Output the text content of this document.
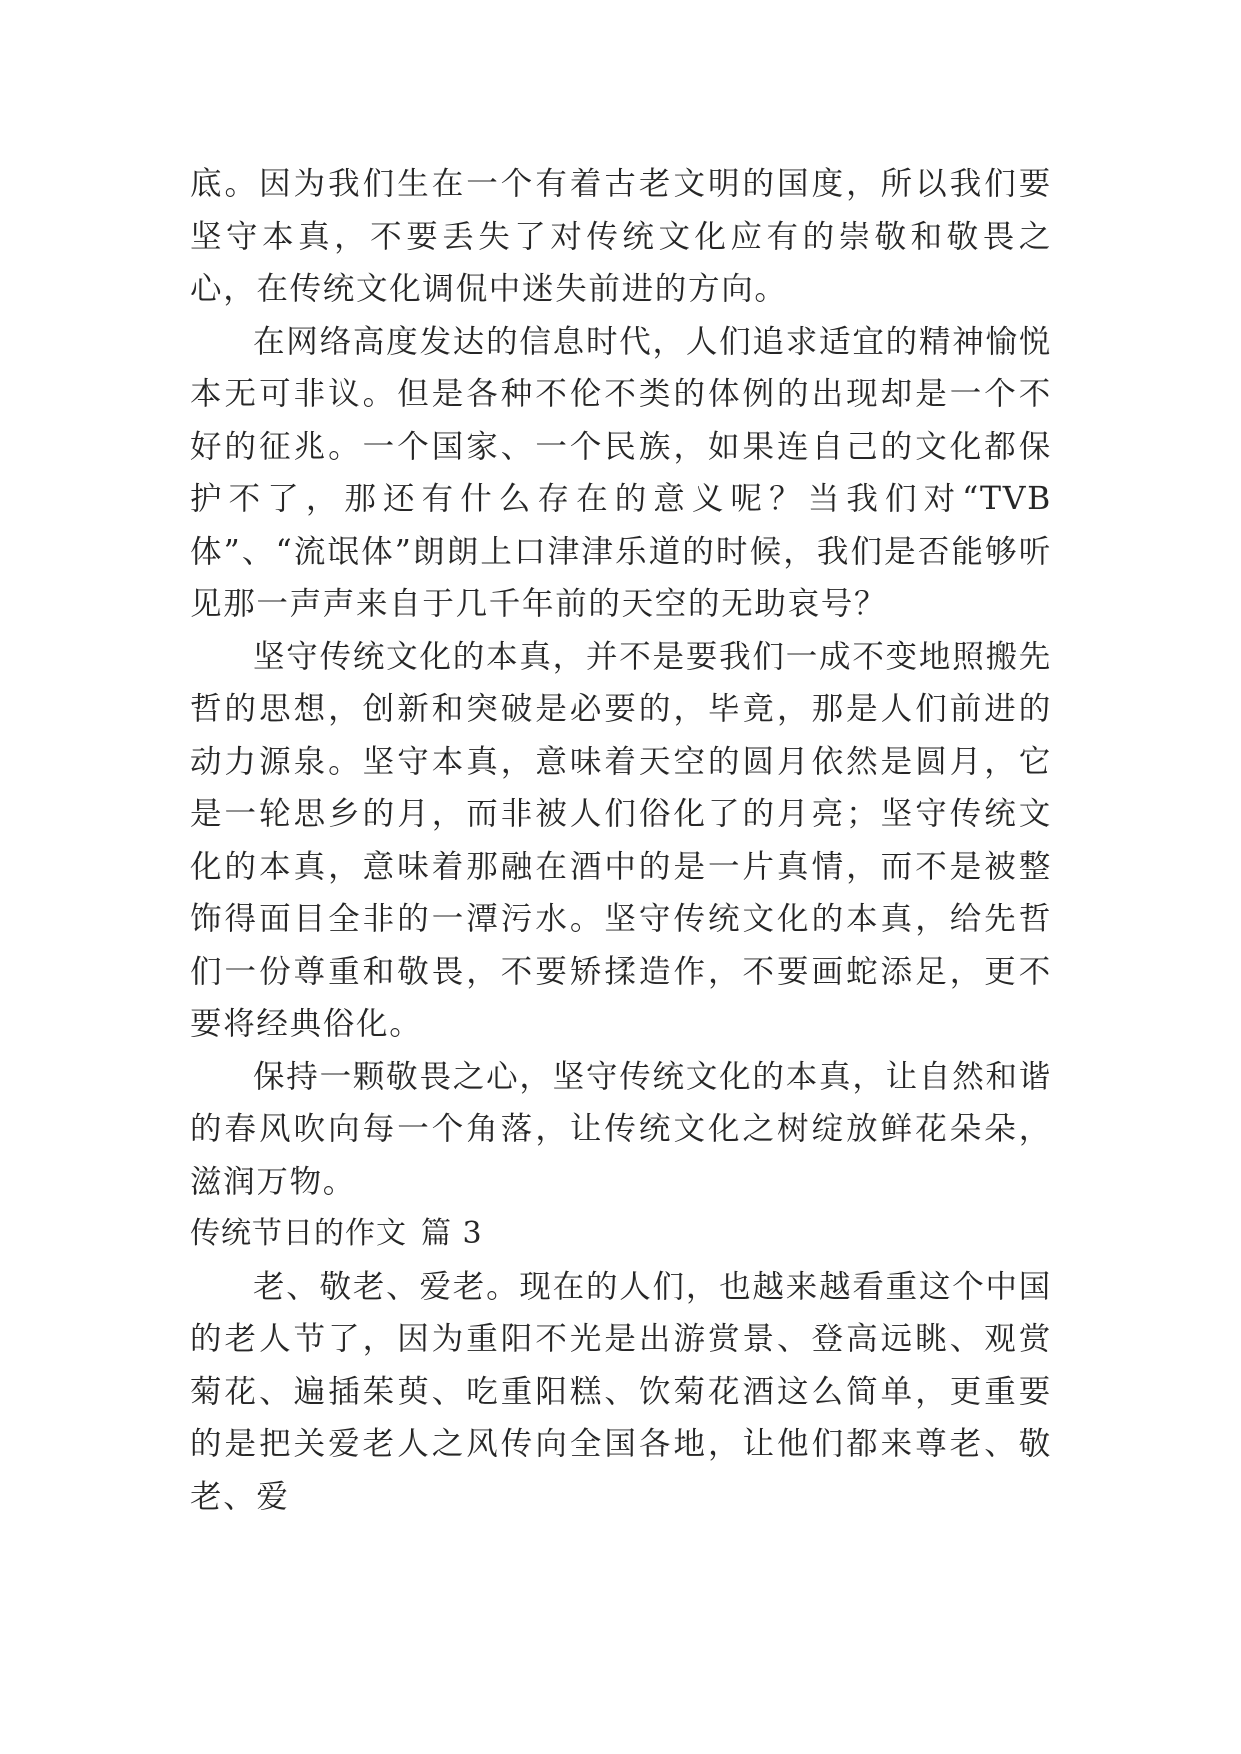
底。因为我们生在一个有着古老文明的国度，所以我们要坚守本真，不要丢失了对传统文化应有的崇敬和敬畏之心，在传统文化调侃中迷失前进的方向。

在网络高度发达的信息时代，人们追求适宜的精神愉悦本无可非议。但是各种不伦不类的体例的出现却是一个不好的征兆。一个国家、一个民族，如果连自己的文化都保护不了，那还有什么存在的意义呢？当我们对“TVB 体”、“流氓体”朗朗上口津津乐道的时候，我们是否能够听见那一声声来自于几千年前的天空的无助哀号？

坚守传统文化的本真，并不是要我们一成不变地照搬先哲的思想，创新和突破是必要的，毕竟，那是人们前进的动力源泉。坚守本真，意味着天空的圆月依然是圆月，它是一轮思乡的月，而非被人们俗化了的月亮；坚守传统文化的本真，意味着那融在酒中的是一片真情，而不是被整饰得面目全非的一潭污水。坚守传统文化的本真，给先哲们一份尊重和敬畏，不要矫揉造作，不要画蛇添足，更不要将经典俗化。

保持一颗敬畏之心，坚守传统文化的本真，让自然和谐的春风吹向每一个角落，让传统文化之树绽放鲜花朵朵，滋润万物。

传统节日的作文 篇 3

老、敬老、爱老。现在的人们，也越来越看重这个中国的老人节了，因为重阳不光是出游赏景、登高远眺、观赏菊花、遍插茱萸、吃重阳糕、饮菊花酒这么简单，更重要的是把关爱老人之风传向全国各地，让他们都来尊老、敬老、爱
